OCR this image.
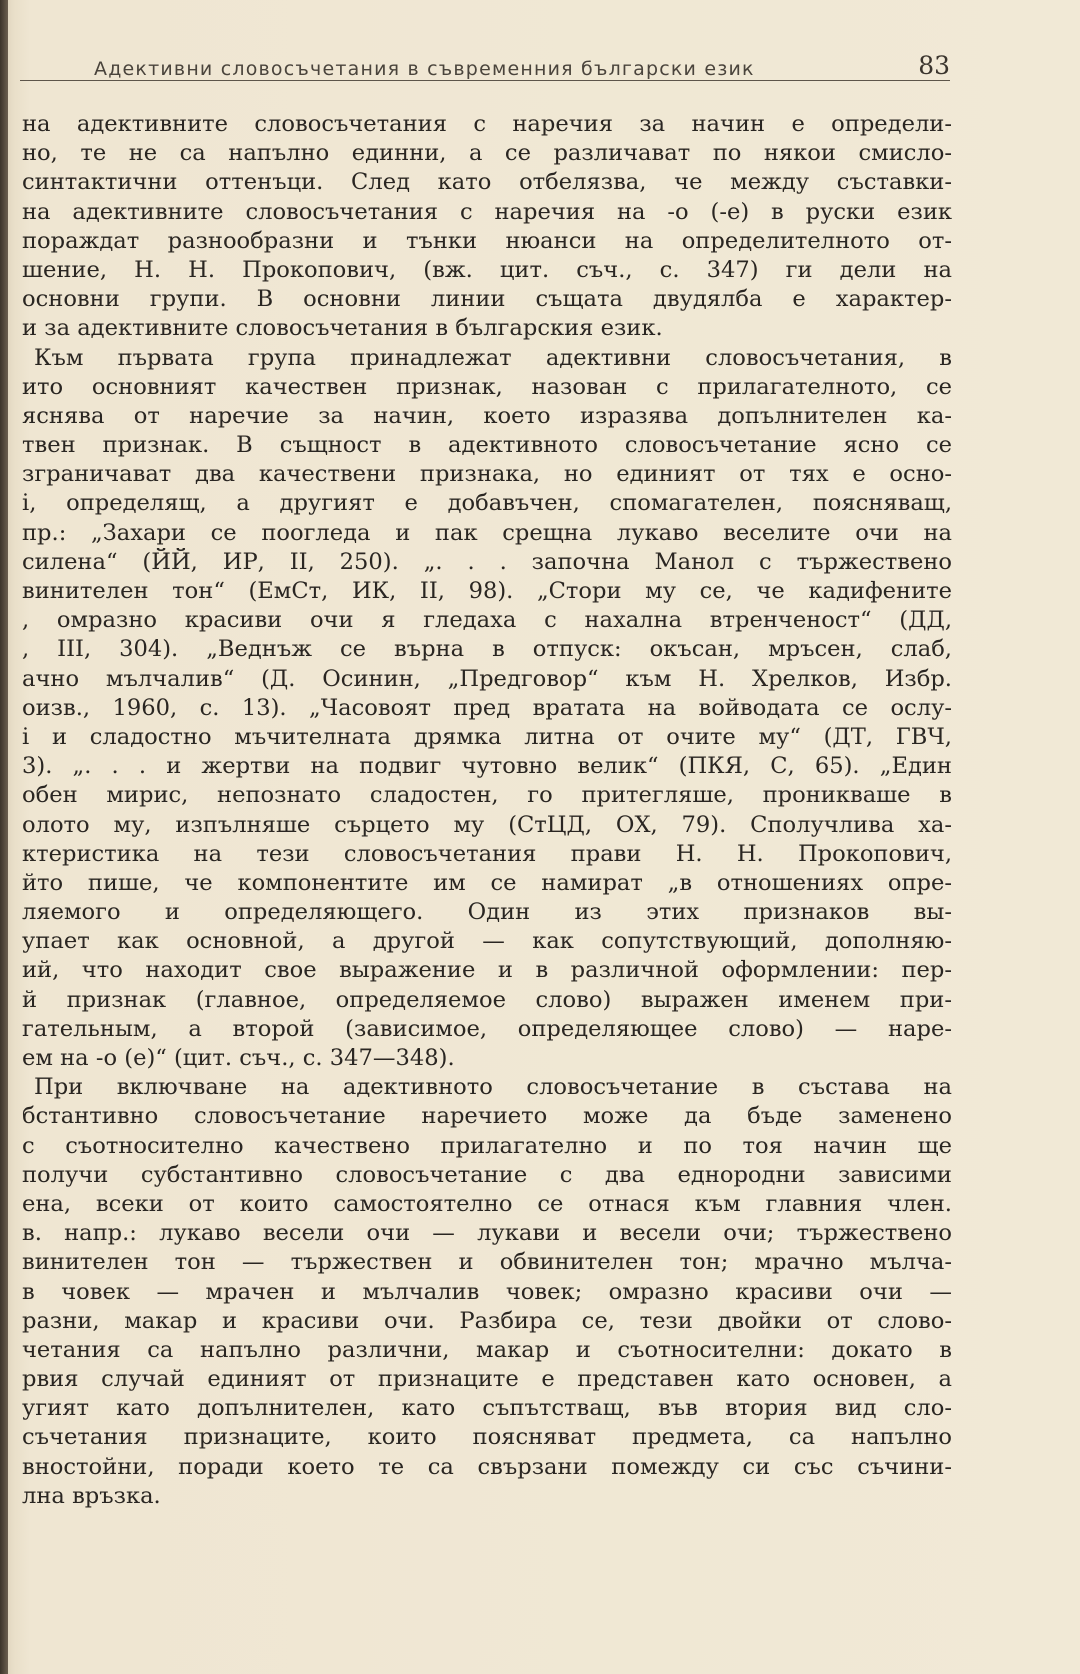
Адективни словосъчетания в съвременния български език	83
на адективните словосъчетания с наречия за начин е определи-
но, те не са напълно единни, а се различават по някои смисло-
синтактични оттенъци. След като отбелязва, че между съставки-
на адективните словосъчетания с наречия на -о (-е) в руски език
пораждат разнообразни и тънки нюанси на определителното от-
шение, Н. Н. Прокопович, (вж. цит. съч., с. 347) ги дели на
основни групи. В основни линии същата двудялба е характер-
и за адективните словосъчетания в българския език.
Към първата група принадлежат адективни словосъчетания, в
ито основният качествен признак, назован с прилагателното, се
яснява от наречие за начин, което изразява допълнителен ка-
твен признак. В същност в адективното словосъчетание ясно се
зграничават два качествени признака, но единият от тях е осно-
і, определящ, а другият е добавъчен, спомагателен, поясняващ,
пр.: „Захари се поогледа и пак срещна лукаво веселите очи на
силена“ (ЙЙ, ИР, II, 250). „. . . започна Манол с тържествено
винителен тон“ (ЕмСт, ИК, II, 98). „Стори му се, че кадифените
, омразно красиви очи я гледаха с нахална втренченост“ (ДД,
, III, 304). „Веднъж се върна в отпуск: окъсан, мръсен, слаб,
ачно мълчалив“ (Д. Осинин, „Предговор“ към Н. Хрелков, Избр.
оизв., 1960, с. 13). „Часовоят пред вратата на войводата се ослу-
і и сладостно мъчителната дрямка литна от очите му“ (ДТ, ГВЧ,
3). „. . . и жертви на подвиг чутовно велик“ (ПКЯ, С, 65). „Един
обен мирис, непознато сладостен, го притегляше, проникваше в
олото му, изпълняше сърцето му (СтЦД, ОХ, 79). Сполучлива ха-
ктеристика на тези словосъчетания прави Н. Н. Прокопович,
йто пише, че компонентите им се намират „в отношениях опре-
ляемого и определяющего. Один из этих признаков вы-
упает как основной, а другой — как сопутствующий, дополняю-
ий, что находит свое выражение и в различной оформлении: пер-
й признак (главное, определяемое слово) выражен именем при-
гательным, а второй (зависимое, определяющее слово) — наре-
ем на -о (е)“ (цит. съч., с. 347—348).
При включване на адективното словосъчетание в състава на
бстантивно словосъчетание наречието може да бъде заменено
с съотносително качествено прилагателно и по тоя начин ще
получи субстантивно словосъчетание с два еднородни зависими
ена, всеки от които самостоятелно се отнася към главния член.
в. напр.: лукаво весели очи — лукави и весели очи; тържествено
винителен тон — тържествен и обвинителен тон; мрачно мълча-
в човек — мрачен и мълчалив човек; омразно красиви очи —
разни, макар и красиви очи. Разбира се, тези двойки от слово-
четания са напълно различни, макар и съотносителни: докато в
рвия случай единият от признаците е представен като основен, а
угият като допълнителен, като съпътстващ, във втория вид сло-
съчетания признаците, които поясняват предмета, са напълно
вностойни, поради което те са свързани помежду си със съчини-
лна връзка.
